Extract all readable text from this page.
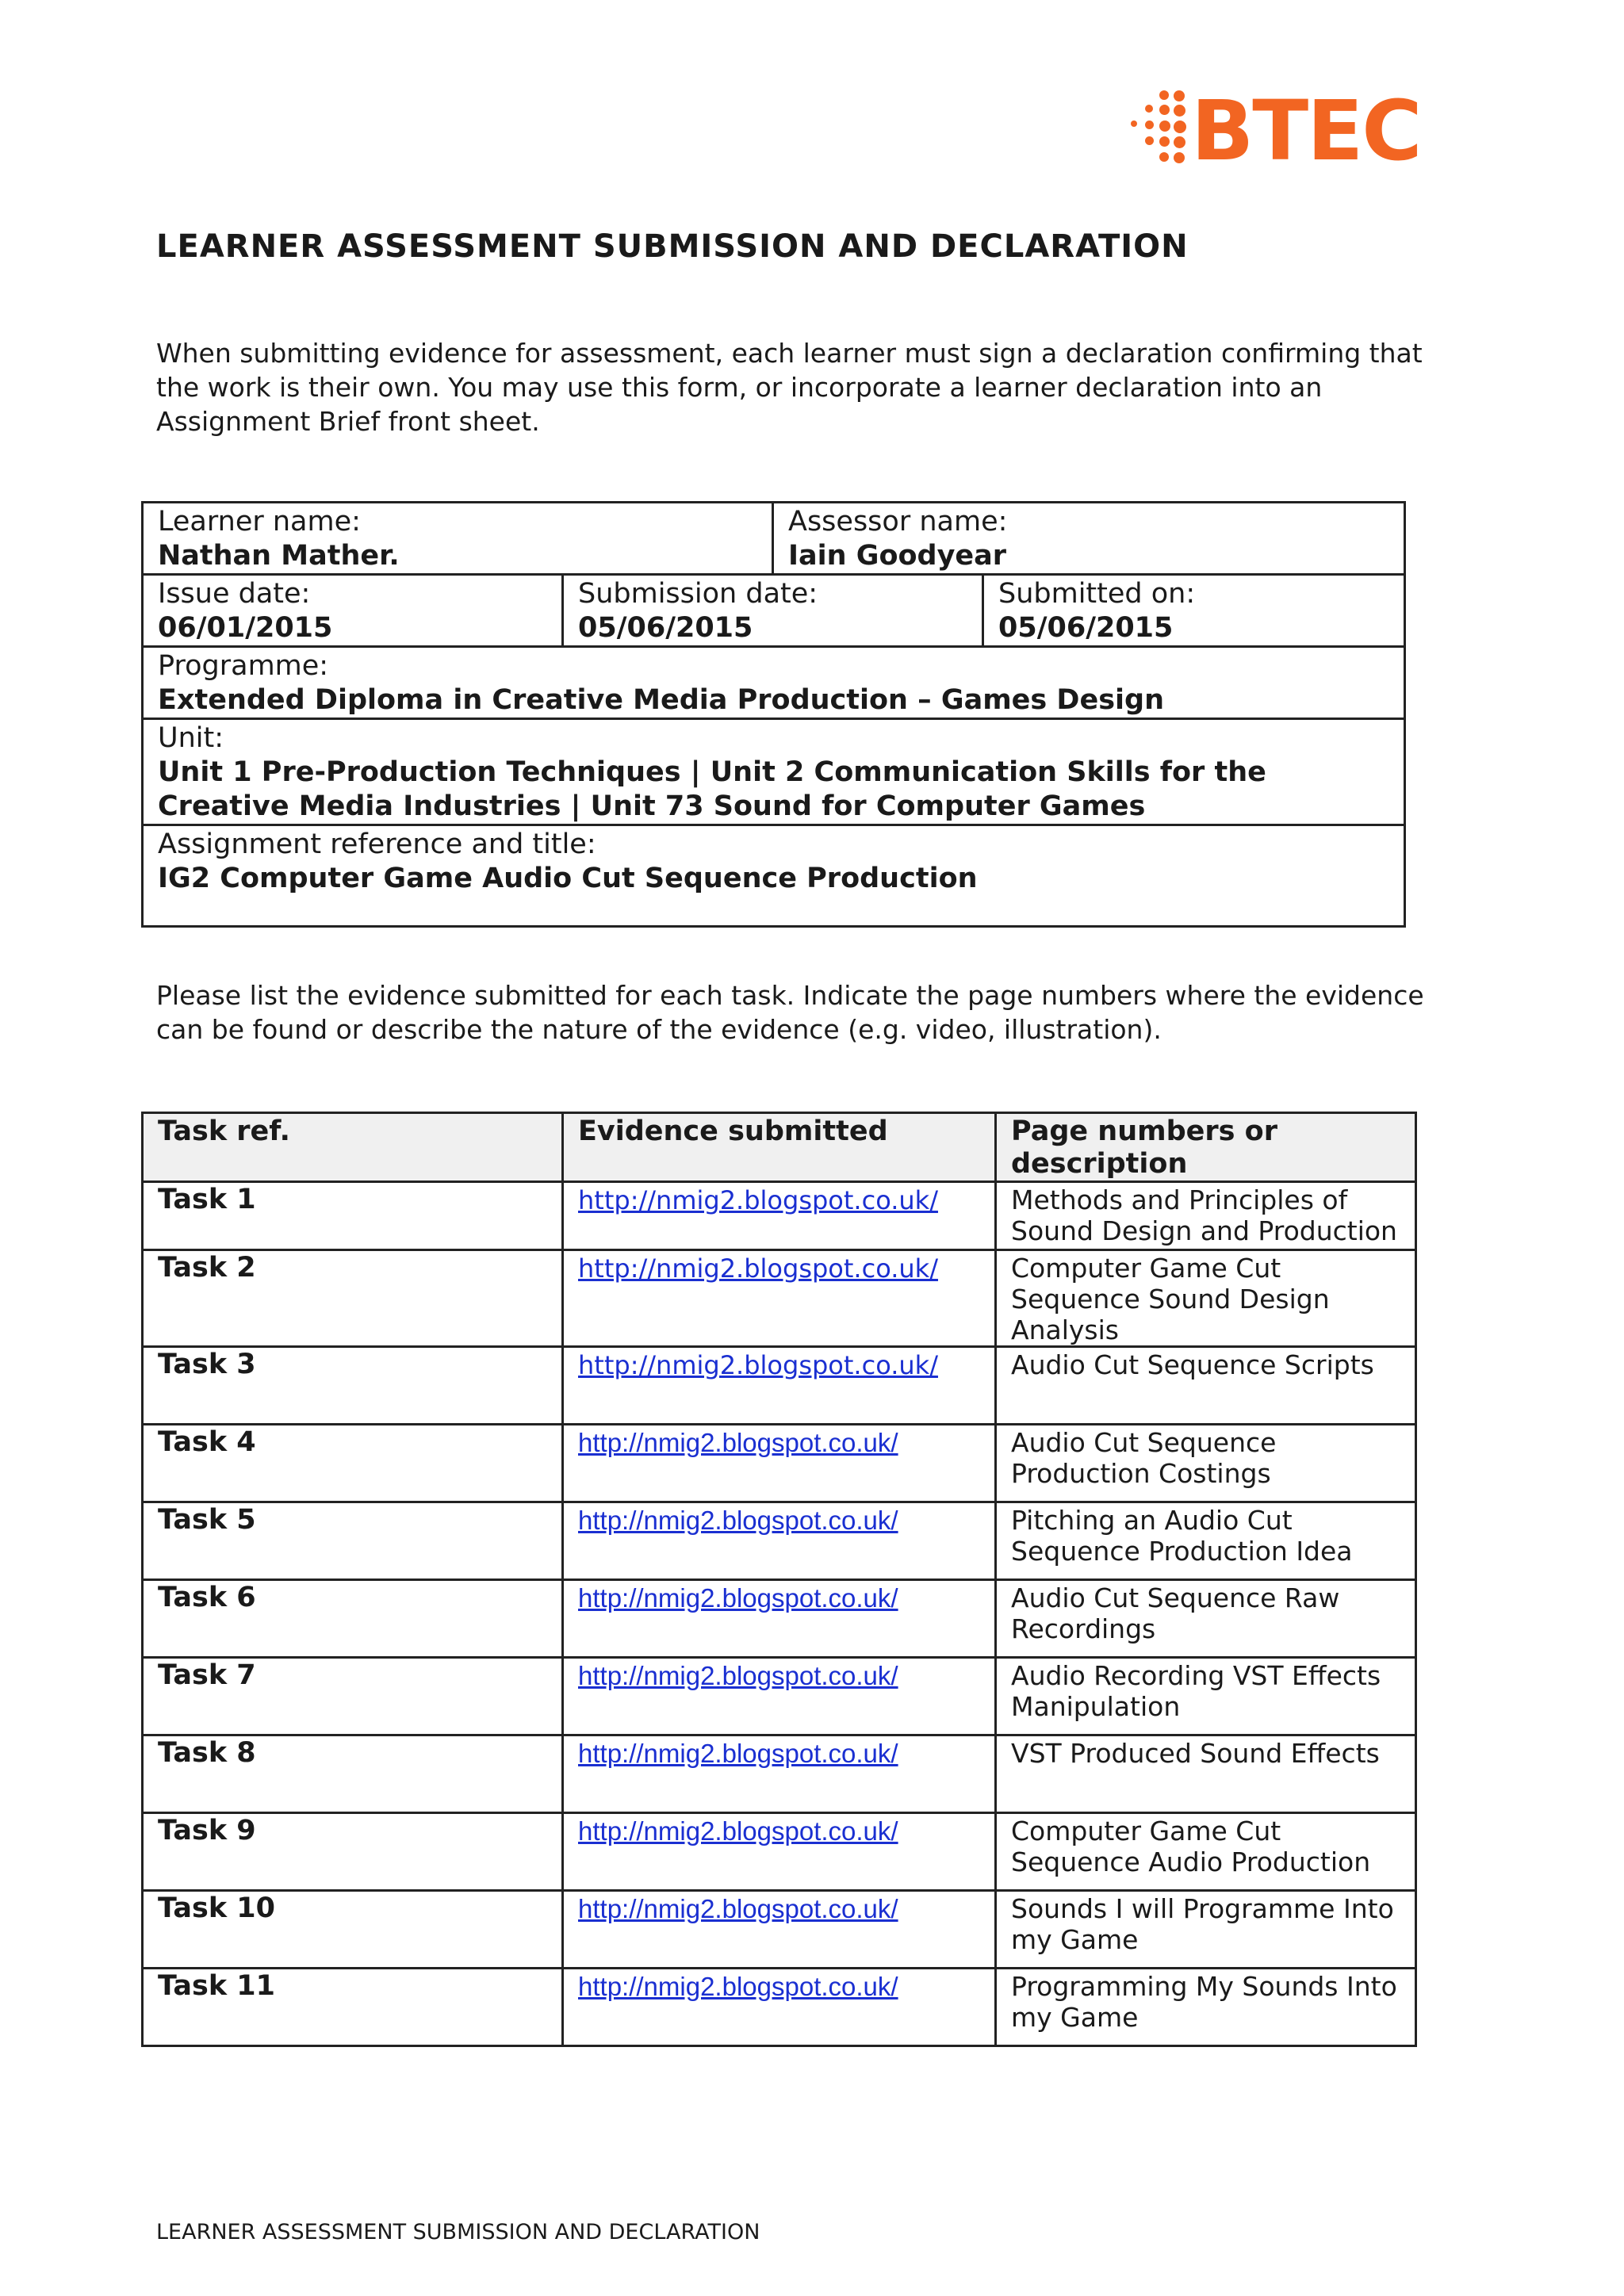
BTEC
LEARNER ASSESSMENT SUBMISSION AND DECLARATION

When submitting evidence for assessment, each learner must sign a declaration confirming that the work is their own. You may use this form, or incorporate a learner declaration into an Assignment Brief front sheet.

Learner name:
Nathan Mather.		Assessor name:
Iain Goodyear	

Issue date:
06/01/2015	Submission date:
05/06/2015		Submitted on:
05/06/2015

Programme:
Extended Diploma in Creative Media Production – Games Design			

Unit:
Unit 1 Pre-Production Techniques | Unit 2 Communication Skills for the Creative Media Industries | Unit 73 Sound for Computer Games			

Assignment reference and title:
IG2 Computer Game Audio Cut Sequence Production			

Please list the evidence submitted for each task. Indicate the page numbers where the evidence can be found or describe the nature of the evidence (e.g. video, illustration).

Task ref.	Evidence submitted	Page numbers or description
Task 1	http://nmig2.blogspot.co.uk/	Methods and Principles of Sound Design and Production
Task 2	http://nmig2.blogspot.co.uk/	Computer Game Cut Sequence Sound Design Analysis
Task 3	http://nmig2.blogspot.co.uk/	Audio Cut Sequence Scripts
Task 4	http://nmig2.blogspot.co.uk/	Audio Cut Sequence Production Costings
Task 5	http://nmig2.blogspot.co.uk/	Pitching an Audio Cut Sequence Production Idea
Task 6	http://nmig2.blogspot.co.uk/	Audio Cut Sequence Raw Recordings
Task 7	http://nmig2.blogspot.co.uk/	Audio Recording VST Effects Manipulation
Task 8	http://nmig2.blogspot.co.uk/	VST Produced Sound Effects
Task 9	http://nmig2.blogspot.co.uk/	Computer Game Cut Sequence Audio Production
Task 10	http://nmig2.blogspot.co.uk/	Sounds I will Programme Into my Game
Task 11	http://nmig2.blogspot.co.uk/	Programming My Sounds Into my Game
LEARNER ASSESSMENT SUBMISSION AND DECLARATION
